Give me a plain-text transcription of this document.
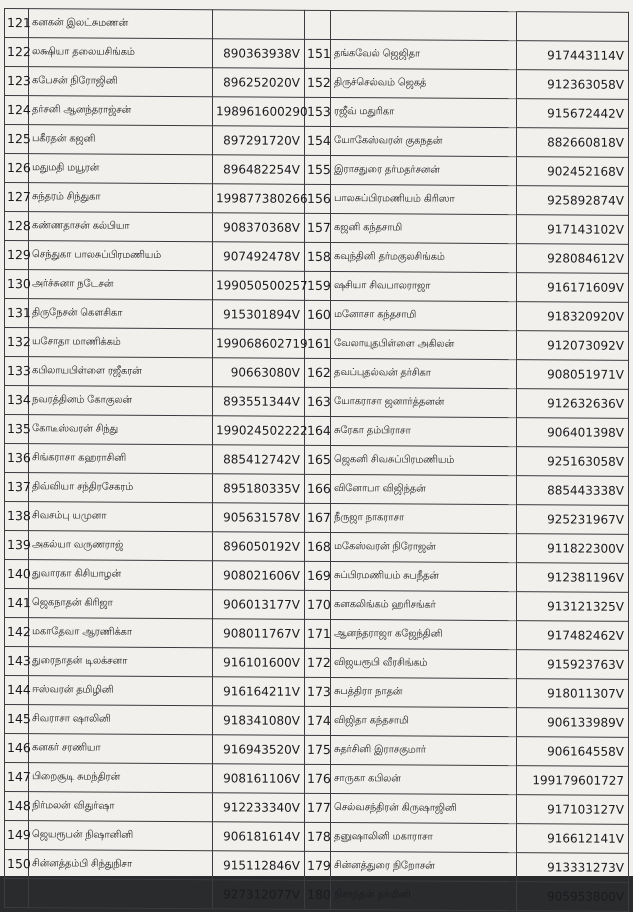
121	கனகன் இலட்சுமணன்				
122	லக்ஷியா தலையசிங்கம்	890363938V	151	தங்கவேல் ஜெஜிதா	917443114V
123	கபேசன் நிரோஜினி	896252020V	152	திருச்செல்வம் ஜெகத்	912363058V
124	தர்சனி ஆனந்தராஜ்சன்	198961600290	153	ரஜீவ் மதுரிகா	915672442V
125	பகீரதன் கஜனி	897291720V	154	யோகேஸ்வரன் குகநதன்	882660818V
126	மதுமதி மயூரன்	896482254V	155	இராசதுரை தர்மதர்சனன்	902452168V
127	சுந்தரம் சிந்துகா	199877380266	156	பாலசுப்பிரமணியம் கிரிஸா	925892874V
128	கண்ணதாசன் கல்பியா	908370368V	157	கஜனி கந்தசாமி	917143102V
129	செந்துகா பாலசுப்பிரமணியம்	907492478V	158	கவுந்தினி தர்மகுலசிங்கம்	928084612V
130	அர்ச்சுனா நடேசன்	199050500257	159	ஷசியா சிவபாலராஜா	916171609V
131	திருநேசன் கௌசிகா	915301894V	160	மனோசா கந்தசாமி	918320920V
132	யசோதா மாணிக்கம்	199068602719	161	வேலாயுதபிள்ளை அகிலன்	912073092V
133	கபிலாயபிள்ளை ரஜீகரன்	90663080V	162	தவப்புதல்வன் தர்சிகா	908051971V
134	நவரத்தினம் கோகுலன்	893551344V	163	யோகராசா ஜனார்த்தனன்	912632636V
135	கோடீஸ்வரன் சிந்து	199024502222	164	சுரேகா தம்பிராசா	906401398V
136	சிங்கராசா கஹராசினி	885412742V	165	ஜெகனி சிவசுப்பிரமணியம்	925163058V
137	திவ்வியா சந்திரசேகரம்	895180335V	166	வினோபா விஜிந்தன்	885443338V
138	சிவசம்பு யமுனா	905631578V	167	நீருஜா நாகராசா	925231967V
139	அகல்யா வருணராஜ்	896050192V	168	மகேஸ்வரன் நிரோஜன்	911822300V
140	துவாரகா கிசியாழன்	908021606V	169	சுப்பிரமணியம் சுபநீதன்	912381196V
141	ஜெகநாதன் கிரிஜா	906013177V	170	கனகலிங்கம் ஹரிசங்கர்	913121325V
142	மகாதேவா ஆரணிக்கா	908011767V	171	ஆனந்தராஜா கஜேந்தினி	917482462V
143	துரைநாதன் டிலக்சனா	916101600V	172	விஜயரூபி வீரசிங்கம்	915923763V
144	ஈஸ்வரன் தமிழினி	916164211V	173	சுபத்திரா நாதன்	918011307V
145	சிவராசா ஷாலினி	918341080V	174	விஜிதா கந்தசாமி	906133989V
146	கனகர் சரணியா	916943520V	175	சுதர்சினி இராசகுமார்	906164558V
147	பிறைசூடி சுமந்திரன்	908161106V	176	சாருகா கபிலன்	199179601727
148	நிர்மலன் விதுர்ஷா	912233340V	177	செல்வசந்திரன் கிருஷாஜினி	917103127V
149	ஜெயரூபன் நிஷானினி	906181614V	178	தனுஷாலினி மகாராசா	916612141V
150	சின்னத்தம்பி சிந்துநிசா	915112846V	179	சின்னத்துரை நிறோசன்	913331273V
		927312077V	180	நிசாந்தன் தர்மினி	905953800V
